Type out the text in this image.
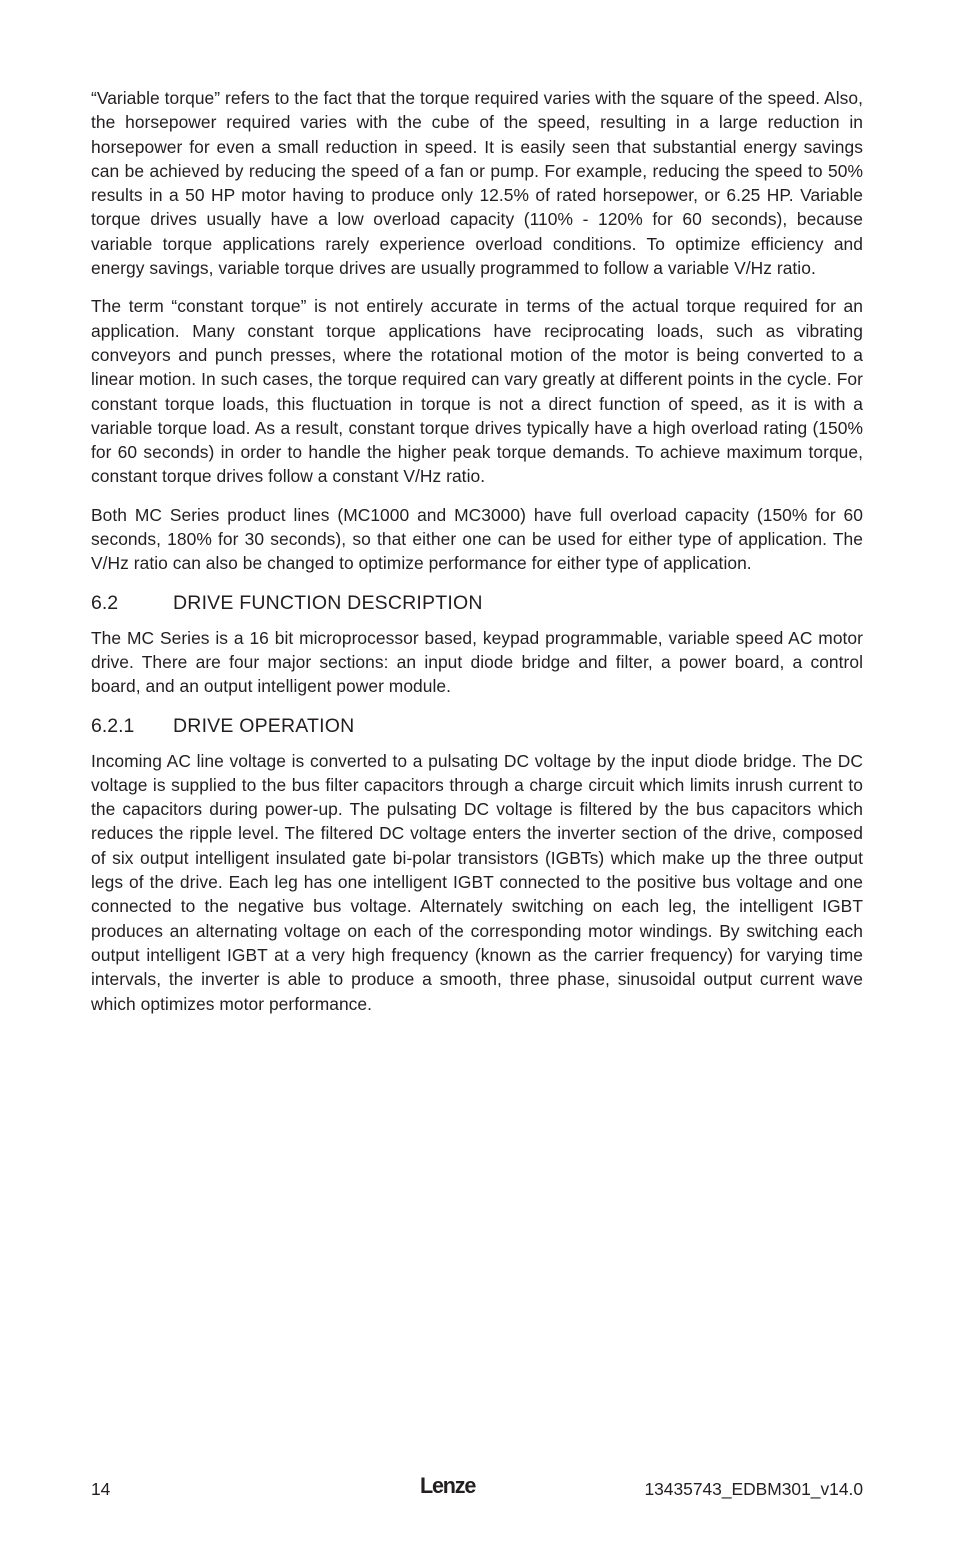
“Variable torque” refers to the fact that the torque required varies with the square of the speed. Also, the horsepower required varies with the cube of the speed, resulting in a large reduction in horsepower for even a small reduction in speed. It is easily seen that substantial energy savings can be achieved by reducing the speed of a fan or pump. For example, reducing the speed to 50% results in a 50 HP motor having to produce only 12.5% of rated horsepower, or 6.25 HP. Variable torque drives usually have a low overload capacity (110% - 120% for 60 seconds), because variable torque applications rarely experience overload conditions. To optimize efficiency and energy savings, variable torque drives are usually programmed to follow a variable V/Hz ratio.

The term “constant torque” is not entirely accurate in terms of the actual torque required for an application. Many constant torque applications have reciprocating loads, such as vibrating conveyors and punch presses, where the rotational motion of the motor is being converted to a linear motion. In such cases, the torque required can vary greatly at different points in the cycle. For constant torque loads, this fluctuation in torque is not a direct function of speed, as it is with a variable torque load. As a result, constant torque drives typically have a high overload rating (150% for 60 seconds) in order to handle the higher peak torque demands. To achieve maximum torque, constant torque drives follow a constant V/Hz ratio.

Both MC Series product lines (MC1000 and MC3000) have full overload capacity (150% for 60 seconds, 180% for 30 seconds), so that either one can be used for either type of application. The V/Hz ratio can also be changed to optimize performance for either type of application.

6.2	DRIVE FUNCTION DESCRIPTION

The MC Series is a 16 bit microprocessor based, keypad programmable, variable speed AC motor drive. There are four major sections: an input diode bridge and filter, a power board, a control board, and an output intelligent power module.

6.2.1	DRIVE OPERATION

Incoming AC line voltage is converted to a pulsating DC voltage by the input diode bridge. The DC voltage is supplied to the bus filter capacitors through a charge circuit which limits inrush current to the capacitors during power-up. The pulsating DC voltage is filtered by the bus capacitors which reduces the ripple level. The filtered DC voltage enters the inverter section of the drive, composed of six output intelligent insulated gate bi-polar transistors (IGBTs) which make up the three output legs of the drive. Each leg has one intelligent IGBT connected to the positive bus voltage and one connected to the negative bus voltage. Alternately switching on each leg, the intelligent IGBT produces an alternating voltage on each of the corresponding motor windings. By switching each output intelligent IGBT at a very high frequency (known as the carrier frequency) for varying time intervals, the inverter is able to produce a smooth, three phase, sinusoidal output current wave which optimizes motor performance.

14	Lenze	13435743_EDBM301_v14.0
